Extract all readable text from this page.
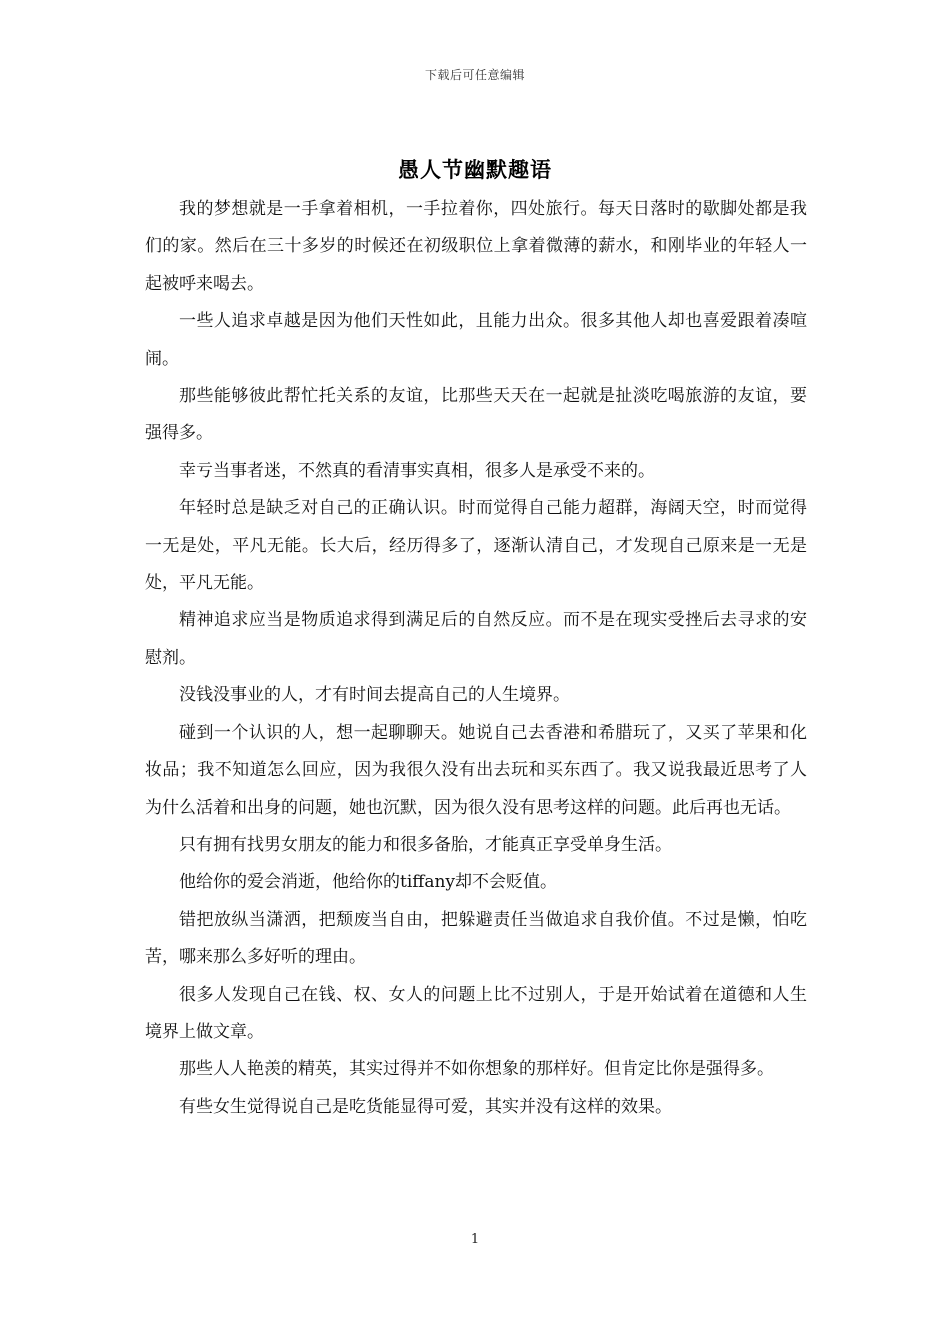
下载后可任意编辑
愚人节幽默趣语

我的梦想就是一手拿着相机，一手拉着你，四处旅行。每天日落时的歇脚处都是我们的家。然后在三十多岁的时候还在初级职位上拿着微薄的薪水，和刚毕业的年轻人一起被呼来喝去。

一些人追求卓越是因为他们天性如此，且能力出众。很多其他人却也喜爱跟着凑喧闹。

那些能够彼此帮忙托关系的友谊，比那些天天在一起就是扯淡吃喝旅游的友谊，要强得多。

幸亏当事者迷，不然真的看清事实真相，很多人是承受不来的。

年轻时总是缺乏对自己的正确认识。时而觉得自己能力超群，海阔天空，时而觉得一无是处，平凡无能。长大后，经历得多了，逐渐认清自己，才发现自己原来是一无是处，平凡无能。

精神追求应当是物质追求得到满足后的自然反应。而不是在现实受挫后去寻求的安慰剂。

没钱没事业的人，才有时间去提高自己的人生境界。

碰到一个认识的人，想一起聊聊天。她说自己去香港和希腊玩了，又买了苹果和化妆品；我不知道怎么回应，因为我很久没有出去玩和买东西了。我又说我最近思考了人为什么活着和出身的问题，她也沉默，因为很久没有思考这样的问题。此后再也无话。

只有拥有找男女朋友的能力和很多备胎，才能真正享受单身生活。

他给你的爱会消逝，他给你的tiffany却不会贬值。

错把放纵当潇洒，把颓废当自由，把躲避责任当做追求自我价值。不过是懒，怕吃苦，哪来那么多好听的理由。

很多人发现自己在钱、权、女人的问题上比不过别人，于是开始试着在道德和人生境界上做文章。

那些人人艳羡的精英，其实过得并不如你想象的那样好。但肯定比你是强得多。

有些女生觉得说自己是吃货能显得可爱，其实并没有这样的效果。

1
